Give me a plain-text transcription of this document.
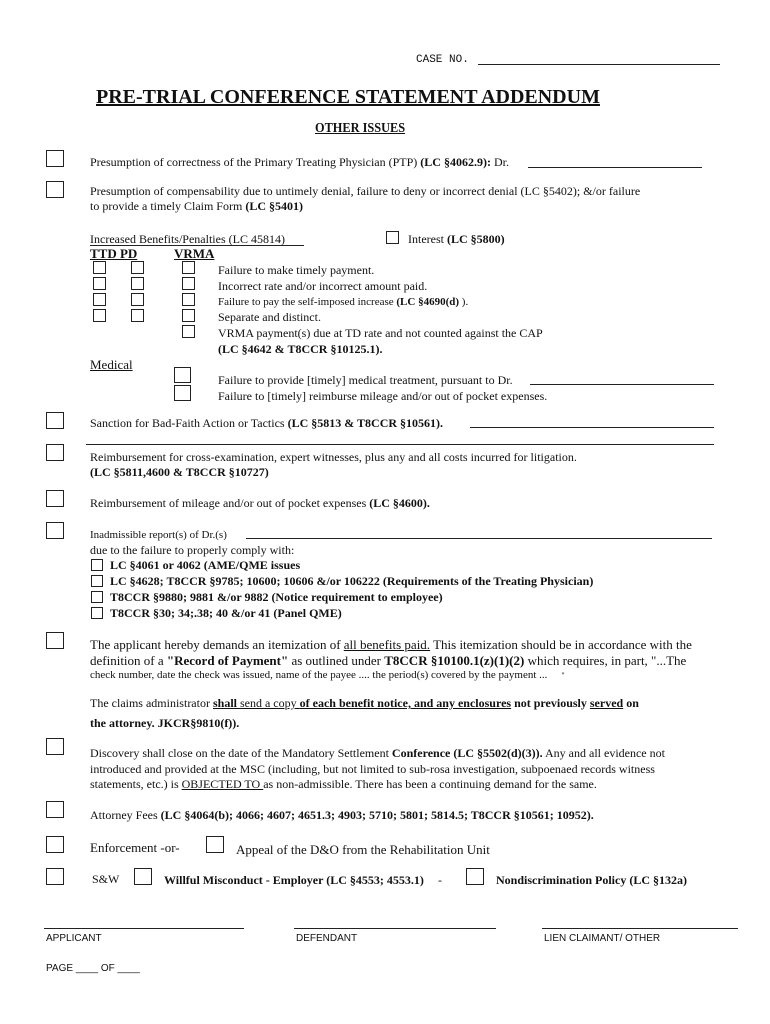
CASE NO.
PRE-TRIAL CONFERENCE STATEMENT ADDENDUM
OTHER ISSUES
Presumption of correctness of the Primary Treating Physician (PTP) (LC §4062.9): Dr.
Presumption of compensability due to untimely denial, failure to deny or incorrect denial (LC §5402); &/or failure
to provide a timely Claim Form (LC §5401)
Increased Benefits/Penalties (LC 45814)	Interest (LC §5800)
TTD PD	VRMA
Failure to make timely payment.
Incorrect rate and/or incorrect amount paid.
Failure to pay the self-imposed increase (LC §4690(d) ).
Separate and distinct.
VRMA payment(s) due at TD rate and not counted against the CAP
(LC §4642 & T8CCR §10125.1).
Medical
Failure to provide [timely] medical treatment, pursuant to Dr.
Failure to [timely] reimburse mileage and/or out of pocket expenses.
Sanction for Bad-Faith Action or Tactics (LC §5813 & T8CCR §10561).
Reimbursement for cross-examination, expert witnesses, plus any and all costs incurred for litigation.
(LC §5811,4600 & T8CCR §10727)
Reimbursement of mileage and/or out of pocket expenses (LC §4600).
Inadmissible report(s) of Dr.(s)
due to the failure to properly comply with:
LC §4061 or 4062 (AME/QME issues
LC §4628; T8CCR §9785; 10600; 10606 &/or 106222 (Requirements of the Treating Physician)
T8CCR §9880; 9881 &/or 9882 (Notice requirement to employee)
T8CCR §30; 34;.38; 40 &/or 41 (Panel QME)
The applicant hereby demands an itemization of all benefits paid. This itemization should be in accordance with the
definition of a "Record of Payment" as outlined under T8CCR §10100.1(z)(1)(2) which requires, in part, "...The
check number, date the check was issued, name of the payee .... the period(s) covered by the payment ... "
The claims administrator shall send a copy of each benefit notice, and any enclosures not previously served on
the attorney. JKCR§9810(f)).
Discovery shall close on the date of the Mandatory Settlement Conference (LC §5502(d)(3)). Any and all evidence not
introduced and provided at the MSC (including, but not limited to sub-rosa investigation, subpoenaed records witness
statements, etc.) is OBJECTED TO as non-admissible. There has been a continuing demand for the same.
Attorney Fees (LC §4064(b); 4066; 4607; 4651.3; 4903; 5710; 5801; 5814.5; T8CCR §10561; 10952).
Enforcement -or-	Appeal of the D&O from the Rehabilitation Unit
S&W	Willful Misconduct - Employer (LC §4553; 4553.1) -	Nondiscrimination Policy (LC §132a)
APPLICANT	DEFENDANT	LIEN CLAIMANT/ OTHER
PAGE ____ OF ____
